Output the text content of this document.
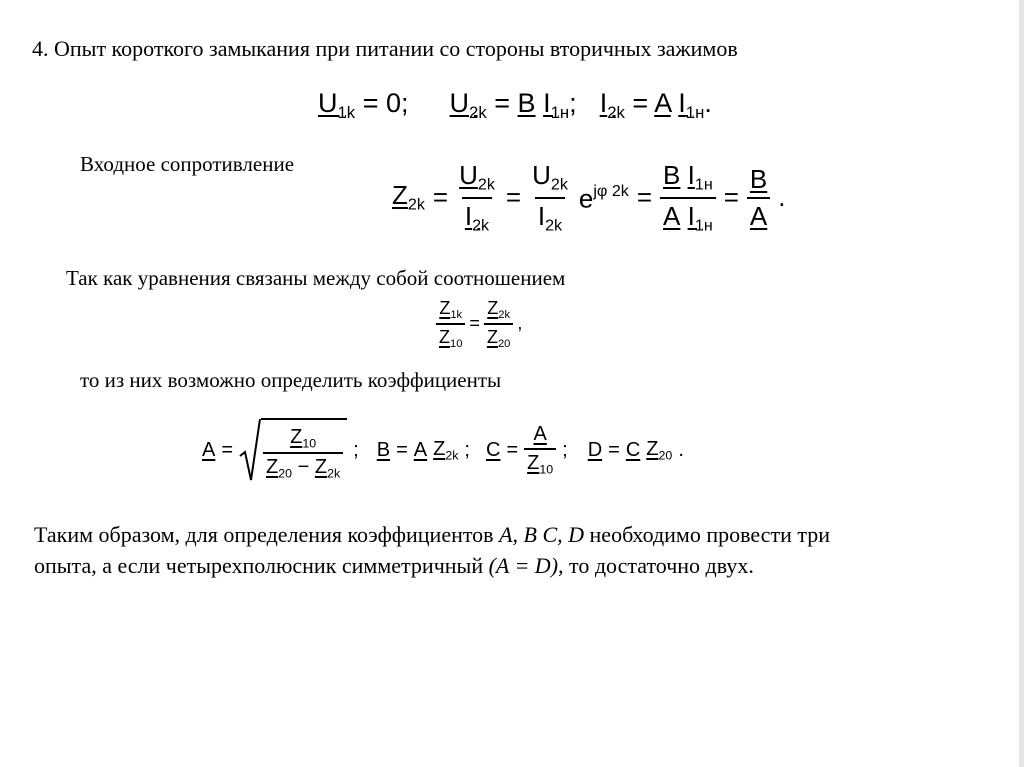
4. Опыт короткого замыкания при питании со стороны вторичных зажимов
$U_{1k} = 0$; $U_{2k} = B$ $I_{1н}$; $I_{2k} = A$ $I_{1н}$.
Входное сопротивление
$Z_{2k} = \frac{U_{2k}}{I_{2k}} = \frac{U_{2k}}{I_{2k}} e^{j\varphi 2k} = \frac{B I_{1н}}{A I_{1н}} = \frac{B}{A}$ .
Так как уравнения связаны между собой соотношением
$\frac{Z_{1k}}{Z_{10}} = \frac{Z_{2k}}{Z_{20}}$ ,
то из них возможно определить коэффициенты
$A = \frac{Z_{10}}{Z_{20} - Z_{2k}}$ ; B = A $Z_{2k}$ ; $C = \frac{A}{Z_{10}}$ ; D = C $Z_{20}$ .
Таким образом, для определения коэффициентов A, B C, D необходимо провести три
опыта, а если четырехполюсник симметричный (A = D), то достаточно двух.
